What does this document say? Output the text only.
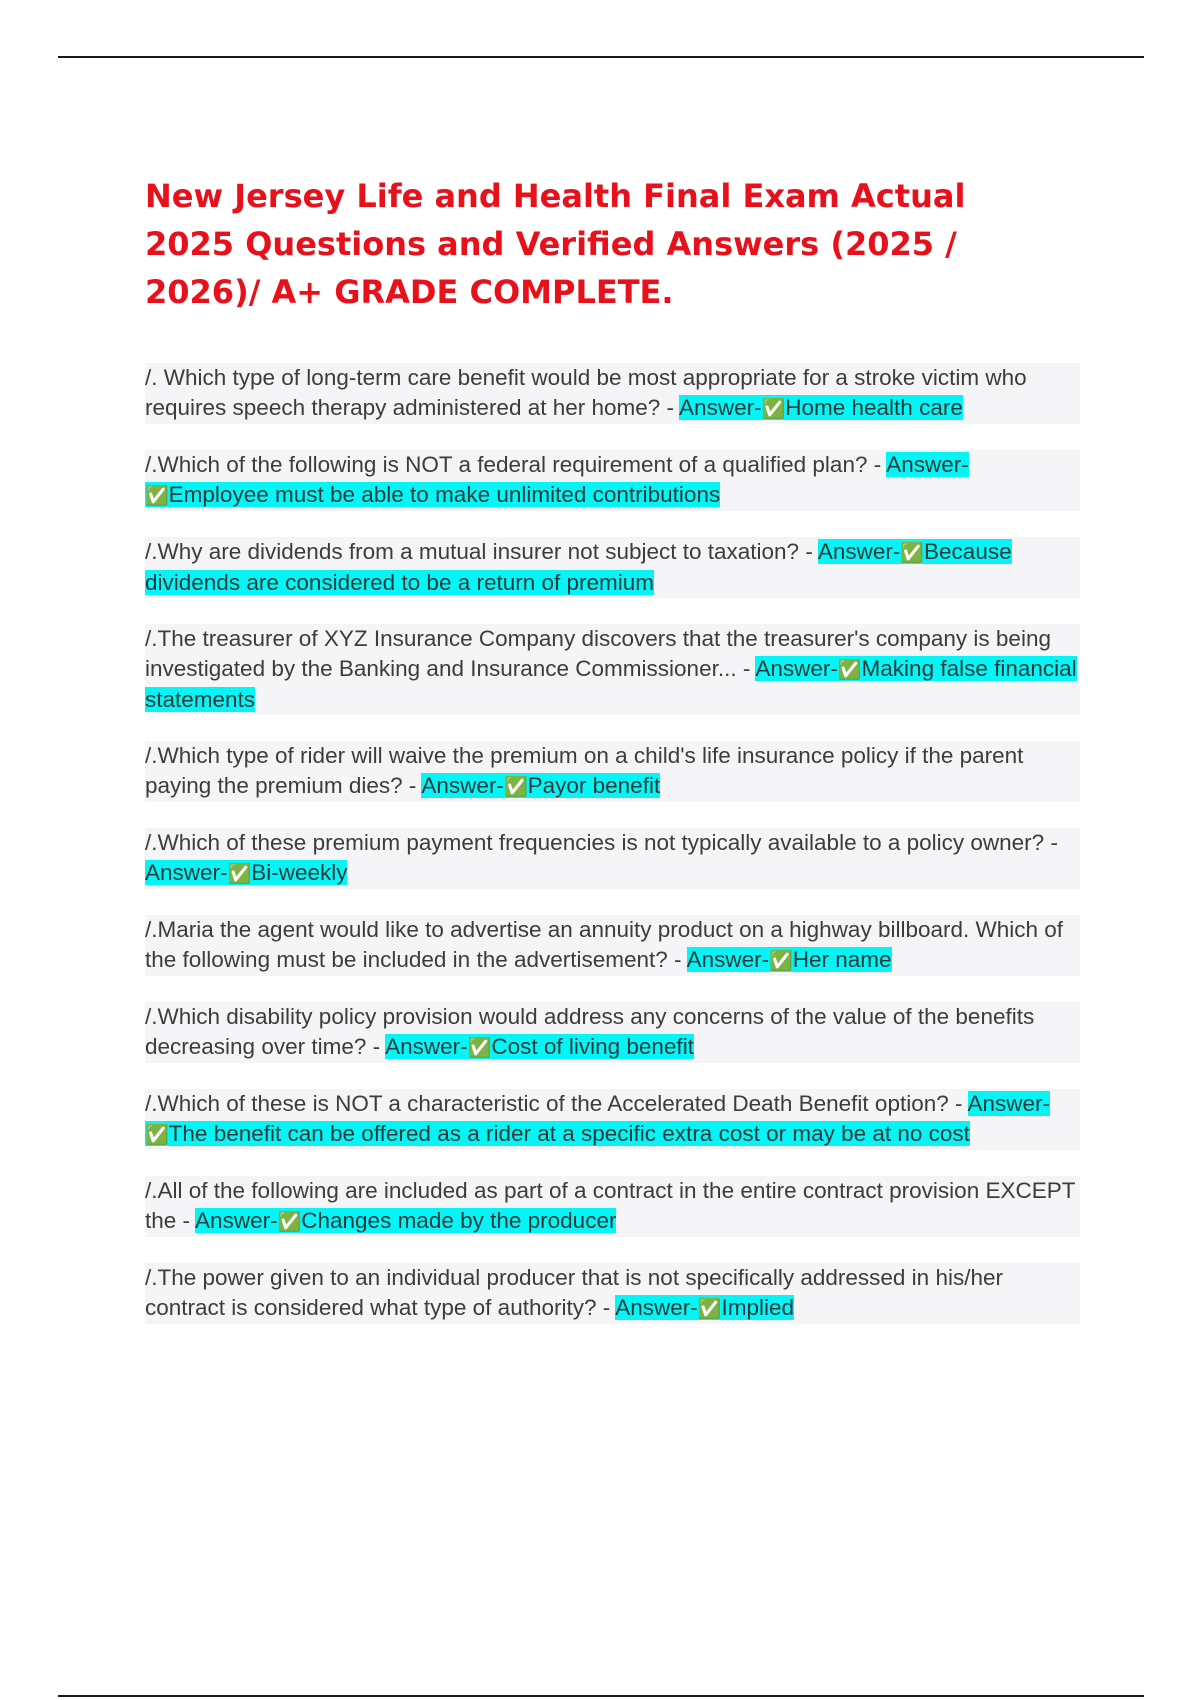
New Jersey Life and Health Final Exam Actual 2025 Questions and Verified Answers (2025 / 2026)/ A+ GRADE COMPLETE.

/. Which type of long-term care benefit would be most appropriate for a stroke victim who requires speech therapy administered at her home? - Answer-✅Home health care

/.Which of the following is NOT a federal requirement of a qualified plan? - Answer-✅Employee must be able to make unlimited contributions

/.Why are dividends from a mutual insurer not subject to taxation? - Answer-✅Because dividends are considered to be a return of premium

/.The treasurer of XYZ Insurance Company discovers that the treasurer's company is being investigated by the Banking and Insurance Commissioner... - Answer-✅Making false financial statements

/.Which type of rider will waive the premium on a child's life insurance policy if the parent paying the premium dies? - Answer-✅Payor benefit

/.Which of these premium payment frequencies is not typically available to a policy owner? - Answer-✅Bi-weekly

/.Maria the agent would like to advertise an annuity product on a highway billboard. Which of the following must be included in the advertisement? - Answer-✅Her name

/.Which disability policy provision would address any concerns of the value of the benefits decreasing over time? - Answer-✅Cost of living benefit

/.Which of these is NOT a characteristic of the Accelerated Death Benefit option? - Answer-✅The benefit can be offered as a rider at a specific extra cost or may be at no cost

/.All of the following are included as part of a contract in the entire contract provision EXCEPT the - Answer-✅Changes made by the producer

/.The power given to an individual producer that is not specifically addressed in his/her contract is considered what type of authority? - Answer-✅Implied
